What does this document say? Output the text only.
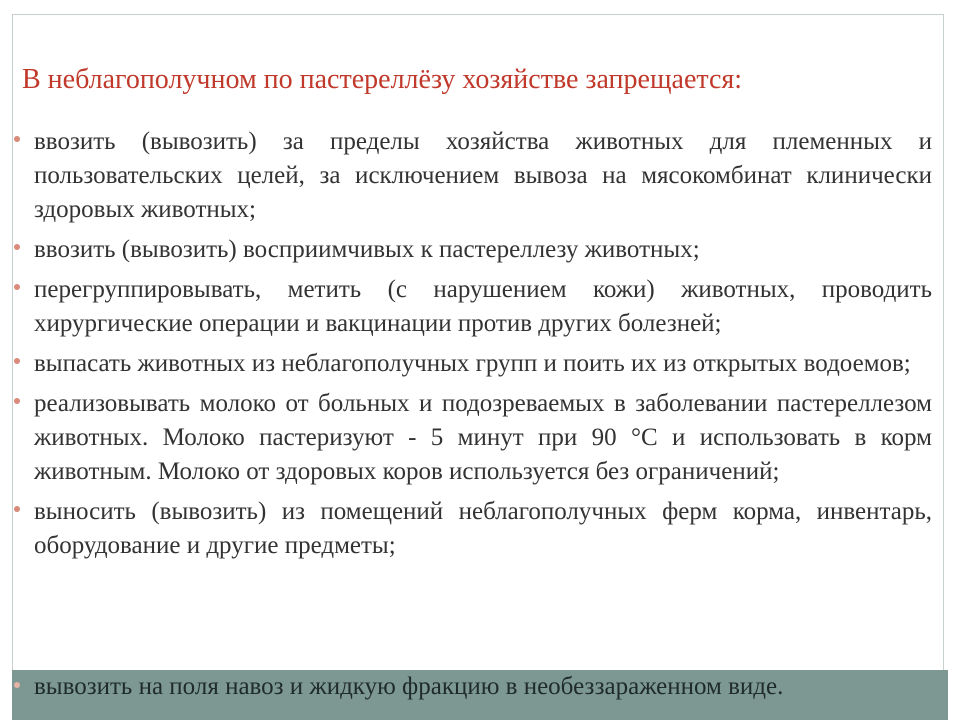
В неблагополучном по пастереллёзу хозяйстве запрещается:
ввозить (вывозить) за пределы хозяйства животных для племенных и пользовательских целей, за исключением вывоза на мясокомбинат клинически здоровых животных;
ввозить (вывозить) восприимчивых к пастереллезу животных;
перегруппировывать, метить (с нарушением кожи) животных, проводить хирургические операции и вакцинации против других болезней;
выпасать животных из неблагополучных групп и поить их из открытых водоемов;
реализовывать молоко от больных и подозреваемых в заболевании пастереллезом животных. Молоко пастеризуют - 5 минут при 90 °С и использовать в корм животным. Молоко от здоровых коров используется без ограничений;
выносить (вывозить) из помещений неблагополучных ферм корма, инвентарь, оборудование и другие предметы;
вывозить на поля навоз и жидкую фракцию в необеззараженном виде.
